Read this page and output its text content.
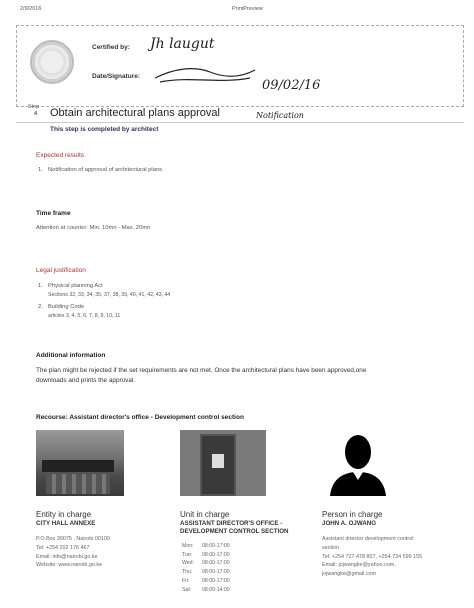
2/9/2016	PrintPreview
Certified by: Jh laugut
Date/Signature:
09/02/16
Step
4 Obtain architectural plans approval	Notification
This step is completed by architect
Expected results
1. Notification of approval of architectural plans
Time frame
Attention at counter: Min. 10mn - Max. 20mn
Legal justification
1. Physical planning Act
Sections 32, 33, 34, 35, 37, 38, 39, 40, 41, 42, 43, 44
2. Building Code
articles 3, 4, 5, 6, 7, 8, 9, 10, 11
Additional information
The plan might be rejected if the set requirements are not met. Once the architectural plans have been approved,one downloads and prints the approval.
Recourse: Assistant director's office - Development control section
Entity in charge
CITY HALL ANNEXE
P.O.Box 30075 , Nairobi 00100
Tel: +254 202 176 467
Email: info@nairobi.go.ke
Website: www.nairobi.go.ke
Unit in charge
ASSISTANT DIRECTOR'S OFFICE -
DEVELOPMENT CONTROL SECTION
Mon:	08:00-17:00
Tue:	08:00-17:00
Wed:	08:00-17:00
Thu:	08:00-17:00
Fri:	08:00-17:00
Sat:	08:00-14:00
Person in charge
JOHN A. OJWANG
Assistant director development control
section
Tel: +254 727 478 807, +254 734 599 155
Email: jojwangke@yahoo.com,
jojwangke@gmail.com
